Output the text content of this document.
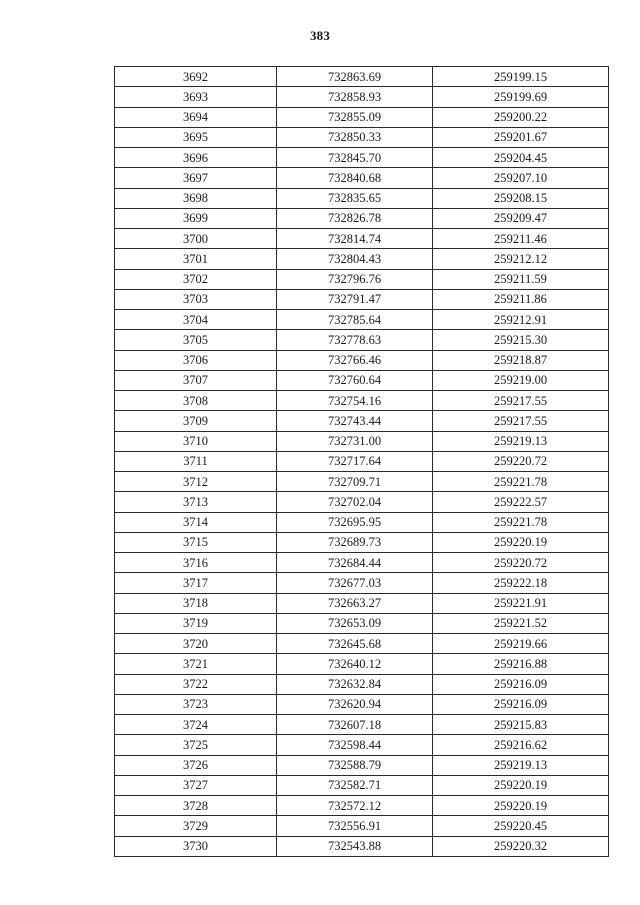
383
3692	732863.69	259199.15
3693	732858.93	259199.69
3694	732855.09	259200.22
3695	732850.33	259201.67
3696	732845.70	259204.45
3697	732840.68	259207.10
3698	732835.65	259208.15
3699	732826.78	259209.47
3700	732814.74	259211.46
3701	732804.43	259212.12
3702	732796.76	259211.59
3703	732791.47	259211.86
3704	732785.64	259212.91
3705	732778.63	259215.30
3706	732766.46	259218.87
3707	732760.64	259219.00
3708	732754.16	259217.55
3709	732743.44	259217.55
3710	732731.00	259219.13
3711	732717.64	259220.72
3712	732709.71	259221.78
3713	732702.04	259222.57
3714	732695.95	259221.78
3715	732689.73	259220.19
3716	732684.44	259220.72
3717	732677.03	259222.18
3718	732663.27	259221.91
3719	732653.09	259221.52
3720	732645.68	259219.66
3721	732640.12	259216.88
3722	732632.84	259216.09
3723	732620.94	259216.09
3724	732607.18	259215.83
3725	732598.44	259216.62
3726	732588.79	259219.13
3727	732582.71	259220.19
3728	732572.12	259220.19
3729	732556.91	259220.45
3730	732543.88	259220.32
